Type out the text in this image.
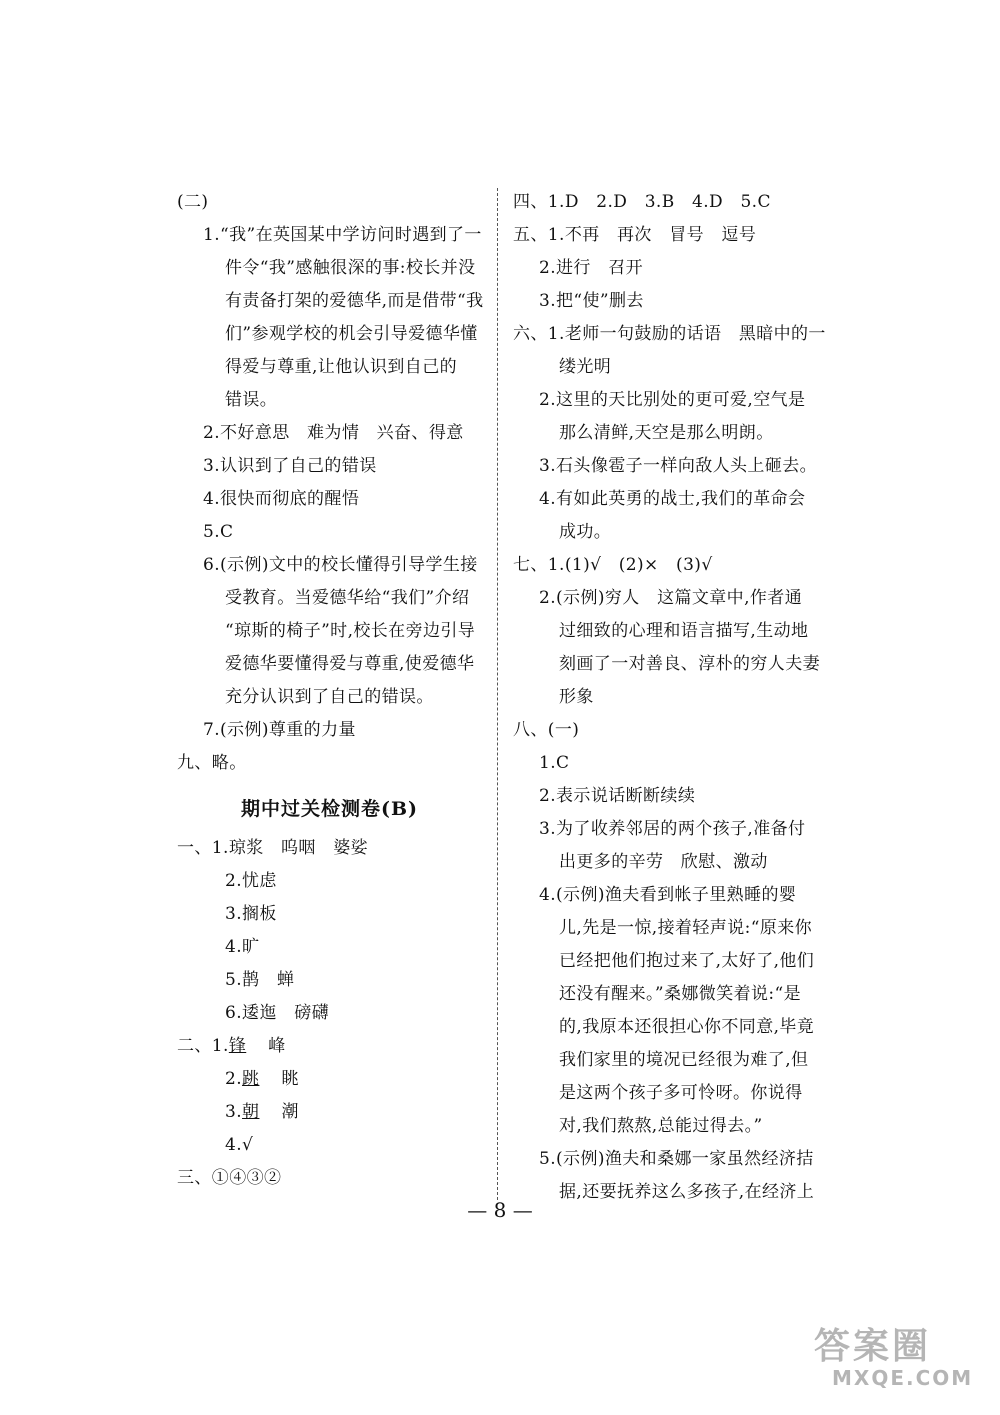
(二)
1.“我”在英国某中学访问时遇到了一
件令“我”感触很深的事:校长并没
有责备打架的爱德华,而是借带“我
们”参观学校的机会引导爱德华懂
得爱与尊重,让他认识到自己的
错误。
2.不好意思　难为情　兴奋、得意
3.认识到了自己的错误
4.很快而彻底的醒悟
5.C
6.(示例)文中的校长懂得引导学生接
受教育。当爱德华给“我们”介绍
“琼斯的椅子”时,校长在旁边引导
爱德华要懂得爱与尊重,使爱德华
充分认识到了自己的错误。
7.(示例)尊重的力量
九、略。
期中过关检测卷(B)
一、1.琼浆　呜咽　婆娑
2.忧虑
3.搁板
4.旷
5.鹊　蝉
6.逶迤　磅礴
二、1.锋 峰
2.跳 眺
3.朝 潮
4.√
三、①④③②
四、1.D　2.D　3.B　4.D　5.C
五、1.不再　再次　冒号　逗号
2.进行　召开
3.把“使”删去
六、1.老师一句鼓励的话语　黑暗中的一
缕光明
2.这里的天比别处的更可爱,空气是
那么清鲜,天空是那么明朗。
3.石头像雹子一样向敌人头上砸去。
4.有如此英勇的战士,我们的革命会
成功。
七、1.(1)√　(2)×　(3)√
2.(示例)穷人　这篇文章中,作者通
过细致的心理和语言描写,生动地
刻画了一对善良、淳朴的穷人夫妻
形象
八、(一)
1.C
2.表示说话断断续续
3.为了收养邻居的两个孩子,准备付
出更多的辛劳　欣慰、激动
4.(示例)渔夫看到帐子里熟睡的婴
儿,先是一惊,接着轻声说:“原来你
已经把他们抱过来了,太好了,他们
还没有醒来。”桑娜微笑着说:“是
的,我原本还很担心你不同意,毕竟
我们家里的境况已经很为难了,但
是这两个孩子多可怜呀。你说得
对,我们熬熬,总能过得去。”
5.(示例)渔夫和桑娜一家虽然经济拮
据,还要抚养这么多孩子,在经济上
— 8 —
答案圈
MXQE.COM
